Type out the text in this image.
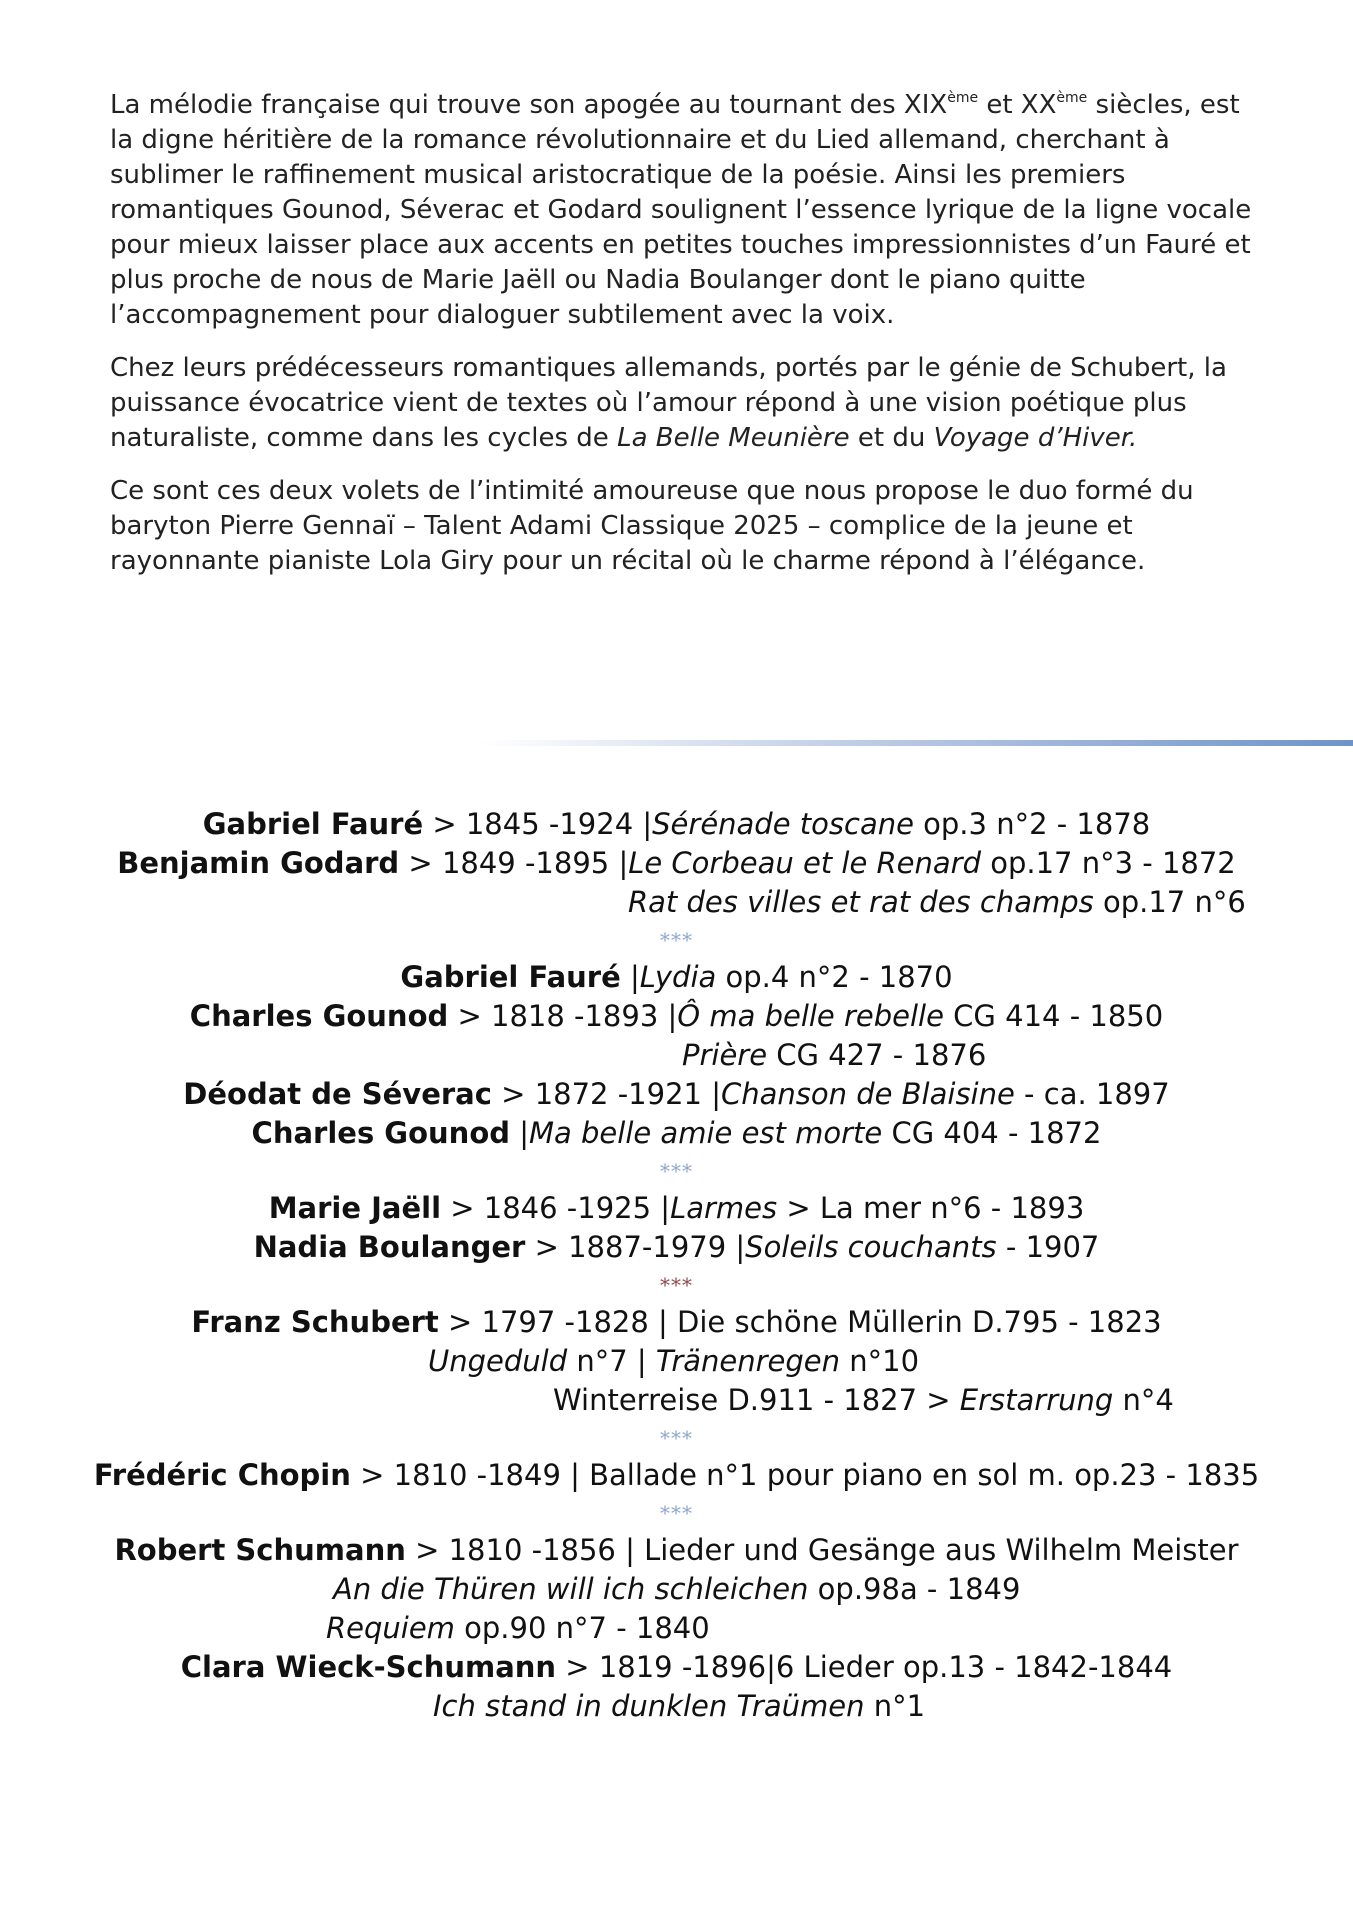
La mélodie française qui trouve son apogée au tournant des XIXème et XXème siècles, est la digne héritière de la romance révolutionnaire et du Lied allemand, cherchant à sublimer le raffinement musical aristocratique de la poésie. Ainsi les premiers romantiques Gounod, Séverac et Godard soulignent l’essence lyrique de la ligne vocale pour mieux laisser place aux accents en petites touches impressionnistes d’un Fauré et plus proche de nous de Marie Jaëll ou Nadia Boulanger dont le piano quitte l’accompagnement pour dialoguer subtilement avec la voix.

Chez leurs prédécesseurs romantiques allemands, portés par le génie de Schubert, la puissance évocatrice vient de textes où l’amour répond à une vision poétique plus naturaliste, comme dans les cycles de La Belle Meunière et du Voyage d’Hiver.

Ce sont ces deux volets de l’intimité amoureuse que nous propose le duo formé du baryton Pierre Gennaï – Talent Adami Classique 2025 – complice de la jeune et rayonnante pianiste Lola Giry pour un récital où le charme répond à l’élégance.

Gabriel Fauré > 1845 -1924 |Sérénade toscane op.3 n°2 - 1878
Benjamin Godard > 1849 -1895 |Le Corbeau et le Renard op.17 n°3 - 1872
Rat des villes et rat des champs op.17 n°6
***
Gabriel Fauré |Lydia op.4 n°2 - 1870
Charles Gounod > 1818 -1893 |Ô ma belle rebelle CG 414 - 1850
Prière CG 427 - 1876
Déodat de Séverac > 1872 -1921 |Chanson de Blaisine - ca. 1897
Charles Gounod |Ma belle amie est morte CG 404 - 1872
***
Marie Jaëll > 1846 -1925 |Larmes > La mer n°6 - 1893
Nadia Boulanger > 1887-1979 |Soleils couchants - 1907
***
Franz Schubert > 1797 -1828 | Die schöne Müllerin D.795 - 1823
Ungeduld n°7 | Tränenregen n°10
Winterreise D.911 - 1827 > Erstarrung n°4
***
Frédéric Chopin > 1810 -1849 | Ballade n°1 pour piano en sol m. op.23 - 1835
***
Robert Schumann > 1810 -1856 | Lieder und Gesänge aus Wilhelm Meister
An die Thüren will ich schleichen op.98a - 1849
Requiem op.90 n°7 - 1840
Clara Wieck-Schumann > 1819 -1896|6 Lieder op.13 - 1842-1844
Ich stand in dunklen Traümen n°1
